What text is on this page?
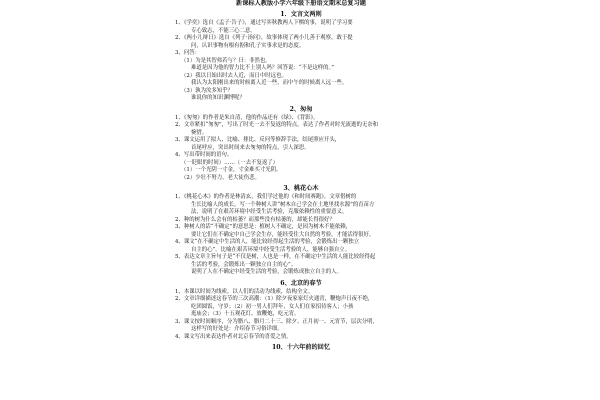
新课标人教版小学六年级下册语文期末总复习题
1．文言文两则
1、《学奕》选自《孟子·告子》，通过写弈秋教两人下棋的事，说明了学习要
专心致志，不能三心二意。
2、《两小儿辩日》选自《列子·汤问》，故事体现了两小儿善于观察，敢于提
问，认识事物有根有据和孔子实事求是的态度。
3、问答：
（1）为是其智弗若与？曰：非然也。
难道是因为他的智力比不上别人吗？回答说：“不是这样的。”
（2）我以日始出时去人近，而日中时远也。
我认为太阳刚出来的时候离人近一些，而中午的时候离人远一些。
（3）孰为汝多知乎？
谁说你的知识渊博呢？
2、匆匆
1、《匆匆》的作者是朱自清，他的作品还有《绿》、《背影》。
2、文章紧扣“匆匆”，写出了时光一去不复返的特点，表达了作者对时光流逝的无奈和
惋惜。
3、课文运用了拟人、比喻、排比、反问等修辞手法，结尾照应开头，
首尾呼应，突出时间来去匆匆的特点，引人深思。
4、写出带时间的语句。
（一眨眼的时间）……（一去不复返了）
（1）一个光阴一寸金，寸金难买寸光阴。
（2）少壮不努力，老大徒伤悲。
3、桃花心木
1、《桃花心木》的作者是林清玄，我们学过他的《和时间赛跑》，文章借树的
生长比喻人的成长，写一个种树人讲“树木自己学会在土地里找水源”的育苗方
法，说明了在艰苦环境中经受生活考验，克服依赖性的重要意义。
2、种的树为什么会有的枯萎？而那些没有枯萎的，却能长得很好？
3、种树人的话“不确定”的意思是：植树人不确定，是因为树木不能依赖，
要让它们在不确定中自己学会生存，能经受住大自然的考验，才能活得很好。
4、课文“在不确定中生活的人，能比较经得起生活的考验，会锻炼出一颗独立
自主的心”。比喻在艰苦环境中经受生活考验的人，能够自强自立。
5、表达文章主旨句子是“不仅是树，人也是一样，在不确定中生活的人能比较经得起
生活的考验，会锻炼出一颗独立自主的心”。
说明了人在不确定中经受生活的考验，会锻炼成独立自主的人。
6、北京的春节
1、本课以时间为线索，以人们的活动为线索，结构全文。
2、文章详细描述这春节的三次高潮：（1）除夕夜家家灯火通宵，鞭炮声日夜不绝，
吃团圆饭，守岁；（2）初一男人们拜年，女人们在家招待客人；小孩
逛庙会；（3）十五观花灯、放鞭炮，吃元宵。
3、课文按时间顺序，分为腊八、腊月二十三、除夕、正月初一、元宵节，层次分明，
这样写的好处是：介绍春节习俗详细。
4、课文写出来表达作者对北京春节的喜爱之情。
10、十六年前的回忆
